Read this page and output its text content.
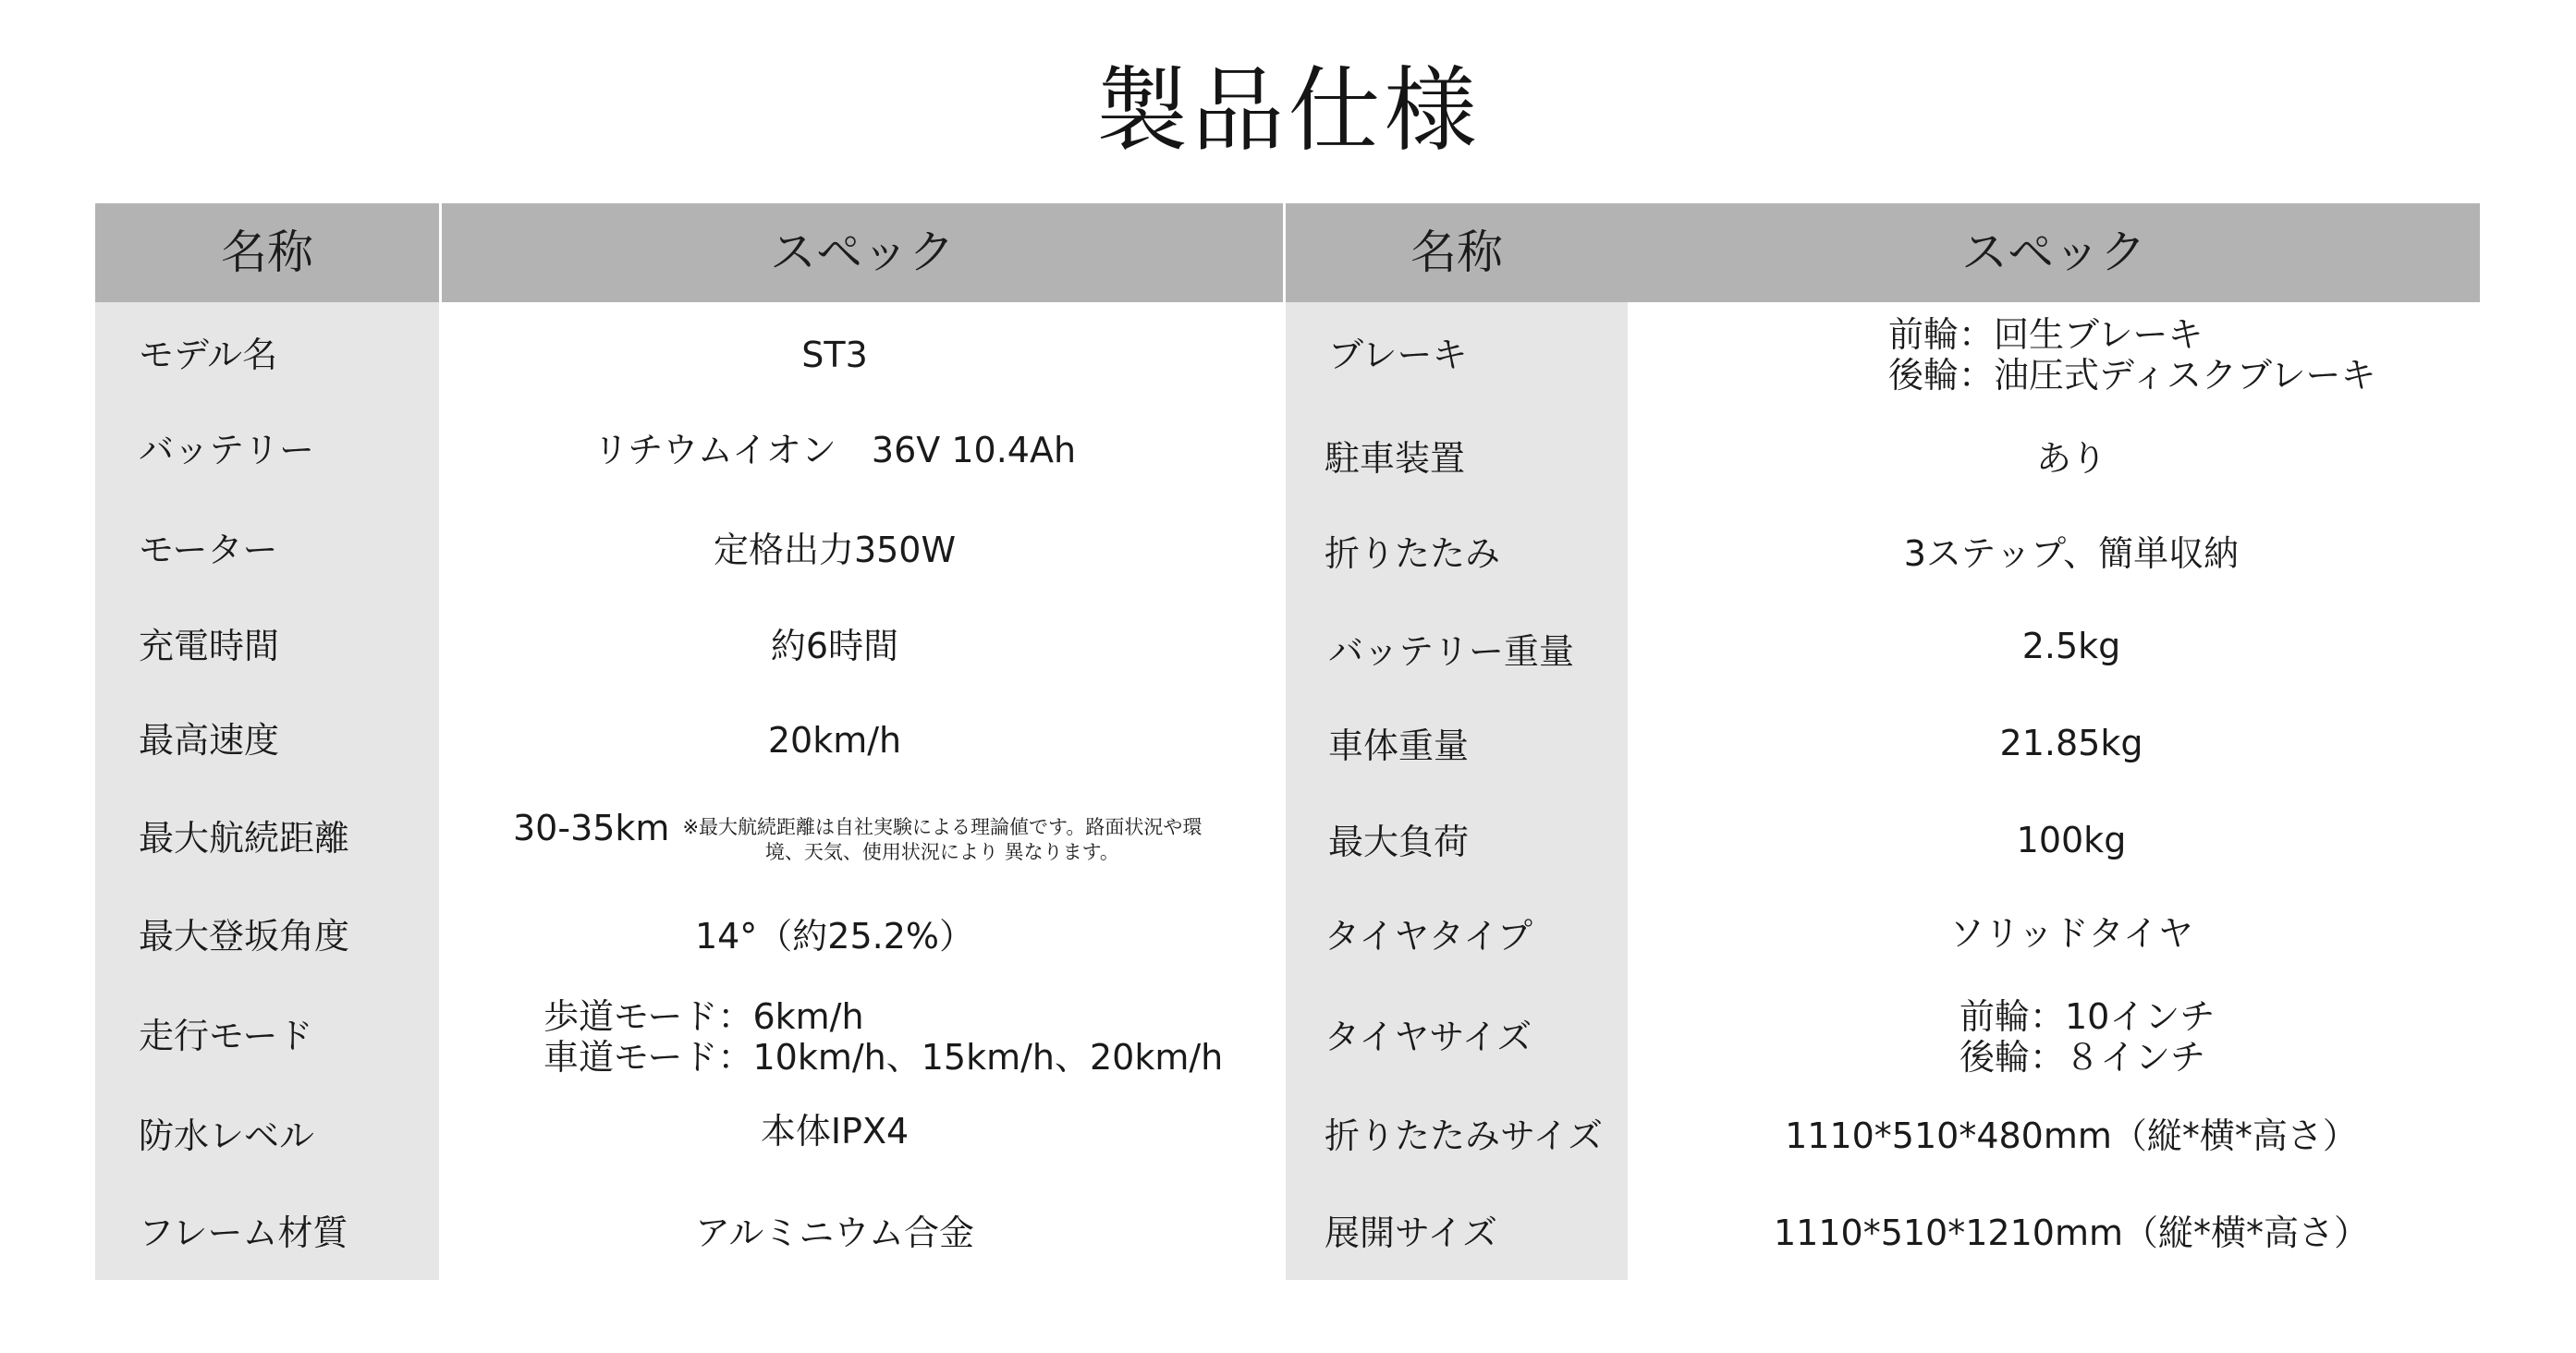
製品仕様
名称	スペック	名称	スペック
モデル名	ST3
バッテリー	リチウムイオン　36V 10.4Ah
モーター	定格出力350W
充電時間	約6時間
最高速度	20km/h
最大航続距離	30-35km ※最大航続距離は自社実験による理論値です。路面状況や環
境、天気、使用状況により 異なります。
最大登坂角度	14°（約25.2%）
走行モード	歩道モード：6km/h
車道モード：10km/h、15km/h、20km/h
防水レベル	本体IPX4
フレーム材質	アルミニウム合金
ブレーキ	前輪：回生ブレーキ
後輪：油圧式ディスクブレーキ
駐車装置	あり
折りたたみ	3ステップ、簡単収納
バッテリー重量	2.5kg
車体重量	21.85kg
最大負荷	100kg
タイヤタイプ	ソリッドタイヤ
タイヤサイズ	前輪：10インチ
後輪：８インチ
折りたたみサイズ	1110*510*480mm（縦*横*高さ）
展開サイズ	1110*510*1210mm（縦*横*高さ）
